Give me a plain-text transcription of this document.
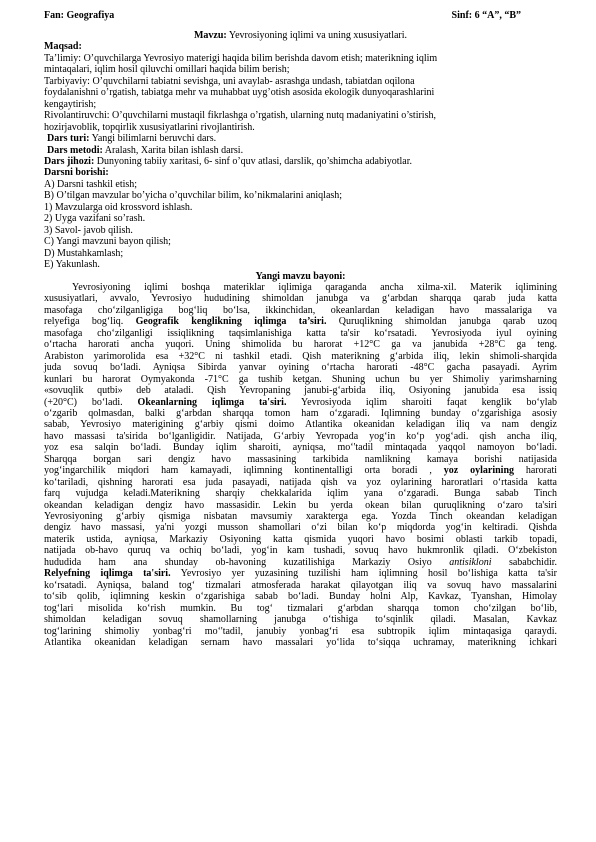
Fan: Geografiya	Sinf: 6 “A”, “B”
Mavzu: Yevrosiyoning iqlimi va uning xususiyatlari.
Maqsad:
Ta’limiy: O’quvchilarga Yevrosiyo materigi haqida bilim berishda davom etish; materikning iqlim
mintaqalari, iqlim hosil qiluvchi omillari haqida bilim berish;
Tarbiyaviy: O’quvchilarni tabiatni sevishga, uni avaylab- asrashga undash, tabiatdan oqilona
foydalanishni o’rgatish, tabiatga mehr va muhabbat uyg’otish asosida ekologik dunyoqarashlarini
kengaytirish;
Rivolantiruvchi: O’quvchilarni mustaqil fikrlashga o’rgatish, ularning nutq madaniyatini o’stirish,
hozirjavoblik, topqirlik xususiyatlarini rivojlantirish.
Dars turi: Yangi bilimlarni beruvchi dars.
Dars metodi: Aralash, Xarita bilan ishlash darsi.
Dars jihozi: Dunyoning tabiiy xaritasi, 6- sinf o’quv atlasi, darslik, qo’shimcha adabiyotlar.
Darsni borishi:
A) Darsni tashkil etish;
B) O’tilgan mavzular bo’yicha o’quvchilar bilim, ko’nikmalarini aniqlash;
1) Mavzularga oid krossvord ishlash.
2) Uyga vazifani so’rash.
3) Savol- javob qilish.
C) Yangi mavzuni bayon qilish;
D) Mustahkamlash;
E) Yakunlash.
Yangi mavzu bayoni:
Yevrosiyoning iqlimi boshqa materiklar iqlimiga qaraganda ancha xilma-xil. Materik iqlimining
xususiyatlari, avvalo, Yevrosiyo hududining shimoldan janubga va g‘arbdan sharqqa qarab juda katta
masofaga cho‘zilganligiga bog‘liq bo‘lsa, ikkinchidan, okeanlardan keladigan havo massalariga va
relyefiga bog‘liq. Geografik kenglikning iqlimga ta’siri. Quruqlikning shimoldan janubga qarab uzoq
masofaga cho‘zilganligi issiqlikning taqsimlanishiga katta ta'sir ko‘rsatadi. Yevrosiyoda iyul oyining
o‘rtacha harorati ancha yuqori. Uning shimolida bu harorat +12°C ga va janubida +28°C ga teng.
Arabiston yarimorolida esa +32°C ni tashkil etadi. Qish materikning g‘arbida iliq, lekin shimoli-sharqida
juda sovuq bo‘ladi. Ayniqsa Sibirda yanvar oyining o‘rtacha harorati -48°C gacha pasayadi. Ayrim
kunlari bu harorat Oymyakonda -71°C ga tushib ketgan. Shuning uchun bu yer Shimoliy yarimsharning
«sovuqlik qutbi» deb ataladi. Qish Yevropaning janubi-g‘arbida iliq, Osiyoning janubida esa issiq
(+20°C) bo‘ladi. Okeanlarning iqlimga ta'siri. Yevrosiyoda iqlim sharoiti faqat kenglik bo‘ylab
o‘zgarib qolmasdan, balki g‘arbdan sharqqa tomon ham o‘zgaradi. Iqlimning bunday o‘zgarishiga asosiy
sabab, Yevrosiyo materigining g‘arbiy qismi doimo Atlantika okeanidan keladigan iliq va nam dengiz
havo massasi ta'sirida bo‘lganligidir. Natijada, G‘arbiy Yevropada yog‘in ko‘p yog‘adi. qish ancha iliq,
yoz esa salqin bo‘ladi. Bunday iqlim sharoiti, ayniqsa, mo‘'tadil mintaqada yaqqol namoyon bo‘ladi.
Sharqqa borgan sari dengiz havo massasining tarkibida namlikning kamaya borishi natijasida
yog‘ingarchilik miqdori ham kamayadi, iqlimning kontinentalligi orta boradi , yoz oylarining harorati
ko‘tariladi, qishning harorati esa juda pasayadi, natijada qish va yoz oylarining haroratlari o‘rtasida katta
farq vujudga keladi.Materikning sharqiy chekkalarida iqlim yana o‘zgaradi. Bunga sabab Tinch
okeandan keladigan dengiz havo massasidir. Lekin bu yerda okean bilan quruqlikning o‘zaro ta'siri
Yevrosiyoning g‘arbiy qismiga nisbatan mavsumiy xarakterga ega. Yozda Tinch okeandan keladigan
dengiz havo massasi, ya'ni yozgi musson shamollari o‘zi bilan ko‘p miqdorda yog‘in keltiradi. Qishda
materik ustida, ayniqsa, Markaziy Osiyoning katta qismida yuqori havo bosimi oblasti tarkib topadi,
natijada ob-havo quruq va ochiq bo‘ladi, yog‘in kam tushadi, sovuq havo hukmronlik qiladi. O‘zbekiston
hududida ham ana shunday ob-havoning kuzatilishiga Markaziy Osiyo antisikloni sababchidir.
Relyefning iqlimga ta'siri. Yevrosiyo yer yuzasining tuzilishi ham iqlimning hosil bo‘lishiga katta ta'sir
ko‘rsatadi. Ayniqsa, baland tog‘ tizmalari atmosferada harakat qilayotgan iliq va sovuq havo massalarini
to‘sib qolib, iqlimning keskin o‘zgarishiga sabab bo‘ladi. Bunday holni Alp, Kavkaz, Tyanshan, Himolay
tog‘lari misolida ko‘rish mumkin. Bu tog‘ tizmalari g‘arbdan sharqqa tomon cho‘zilgan bo‘lib,
shimoldan keladigan sovuq shamollarning janubga o‘tishiga to‘sqinlik qiladi. Masalan, Kavkaz
tog‘larining shimoliy yonbag‘ri mo‘'tadil, janubiy yonbag‘ri esa subtropik iqlim mintaqasiga qaraydi.
Atlantika okeanidan keladigan sernam havo massalari yo‘lida to‘siqqa uchramay, materikning ichkari
